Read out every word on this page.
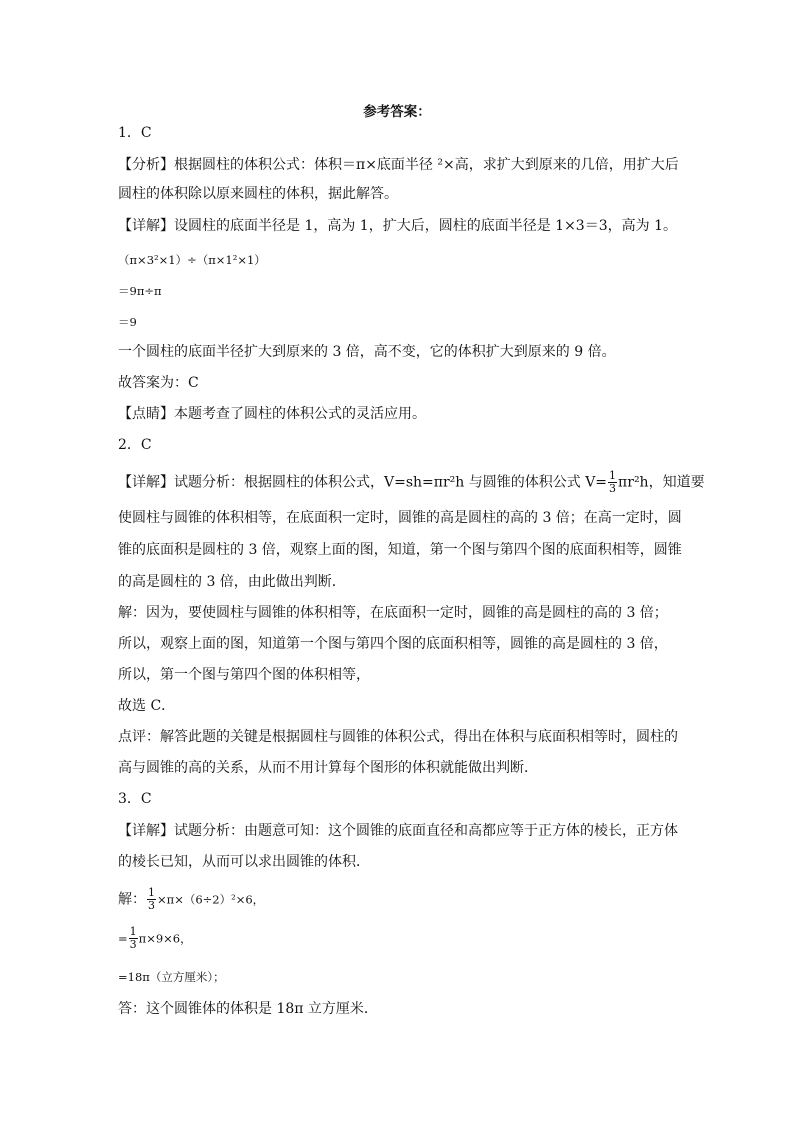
参考答案：
1．C
【分析】根据圆柱的体积公式：体积＝π×底面半径 ²×高，求扩大到原来的几倍，用扩大后
圆柱的体积除以原来圆柱的体积，据此解答。
【详解】设圆柱的底面半径是 1，高为 1，扩大后，圆柱的底面半径是 1×3＝3，高为 1。
（π×3²×1）÷（π×1²×1）
＝9π÷π
＝9
一个圆柱的底面半径扩大到原来的 3 倍，高不变，它的体积扩大到原来的 9 倍。
故答案为：C
【点睛】本题考查了圆柱的体积公式的灵活应用。
2．C
【详解】试题分析：根据圆柱的体积公式，V=sh=πr²h 与圆锥的体积公式 $V= \frac{1}{3} \pi r^2h$，知道要
使圆柱与圆锥的体积相等，在底面积一定时，圆锥的高是圆柱的高的 3 倍；在高一定时，圆
锥的底面积是圆柱的 3 倍，观察上面的图，知道，第一个图与第四个图的底面积相等，圆锥
的高是圆柱的 3 倍，由此做出判断．
解：因为，要使圆柱与圆锥的体积相等，在底面积一定时，圆锥的高是圆柱的高的 3 倍；
所以，观察上面的图，知道第一个图与第四个图的底面积相等，圆锥的高是圆柱的 3 倍，
所以，第一个图与第四个图的体积相等，
故选 C．
点评：解答此题的关键是根据圆柱与圆锥的体积公式，得出在体积与底面积相等时，圆柱的
高与圆锥的高的关系，从而不用计算每个图形的体积就能做出判断．
3．C
【详解】试题分析：由题意可知：这个圆锥的底面直径和高都应等于正方体的棱长，正方体
的棱长已知，从而可以求出圆锥的体积．
解： $\frac{1}{3} \times\pi\times(6\div 2)^2\times 6$，
= $\frac{1}{3} \pi\times 9\times 6$，
=18π（立方厘米）；
答：这个圆锥体的体积是 18π 立方厘米．
